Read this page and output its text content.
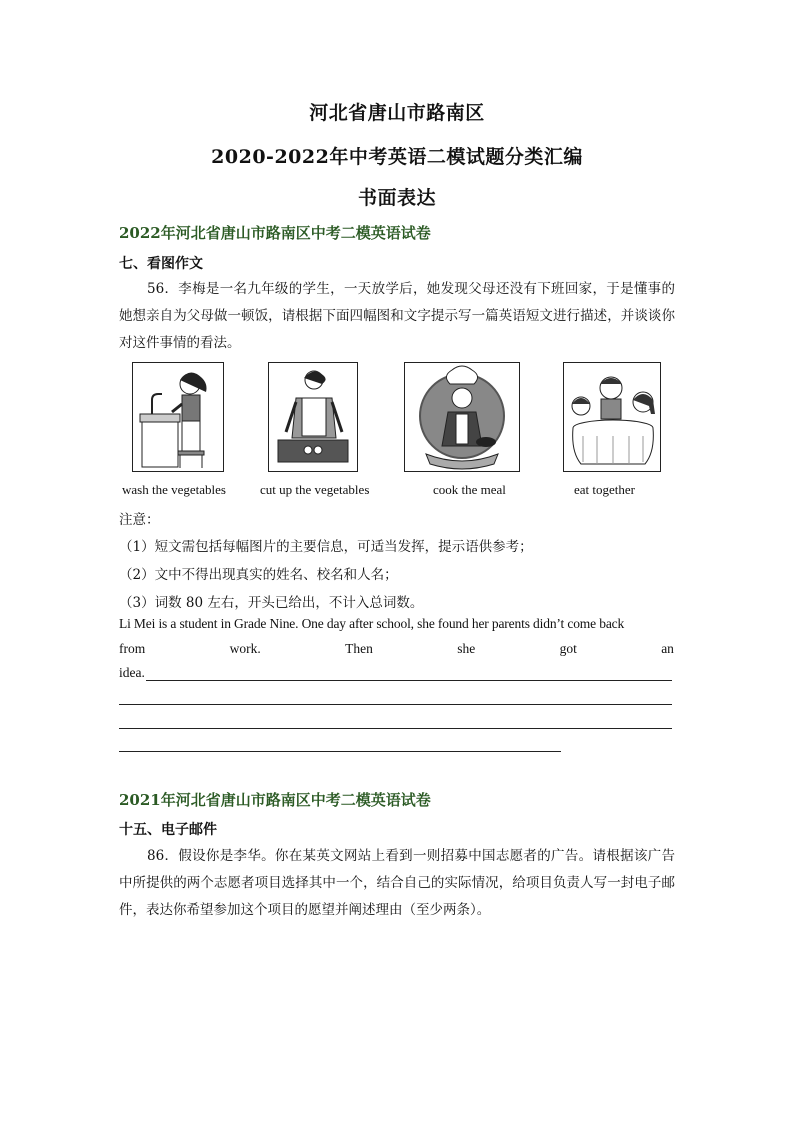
河北省唐山市路南区
2020-2022年中考英语二模试题分类汇编
书面表达
2022年河北省唐山市路南区中考二模英语试卷
七、看图作文

56．李梅是一名九年级的学生，一天放学后，她发现父母还没有下班回家，于是懂事的她想亲自为父母做一顿饭，请根据下面四幅图和文字提示写一篇英语短文进行描述，并谈谈你对这件事情的看法。

wash the vegetables	cut up the vegetables	cook the meal	eat together
注意：
（1）短文需包括每幅图片的主要信息，可适当发挥，提示语供参考；
（2）文中不得出现真实的姓名、校名和人名；
（3）词数 80 左右，开头已给出，不计入总词数。
Li Mei is a student in Grade Nine. One day after school, she found her parents didn’t come back
from	work.	Then	she	got	an
idea.
2021年河北省唐山市路南区中考二模英语试卷
十五、电子邮件

86．假设你是李华。你在某英文网站上看到一则招募中国志愿者的广告。请根据该广告中所提供的两个志愿者项目选择其中一个，结合自己的实际情况，给项目负责人写一封电子邮件，表达你希望参加这个项目的愿望并阐述理由（至少两条）。
